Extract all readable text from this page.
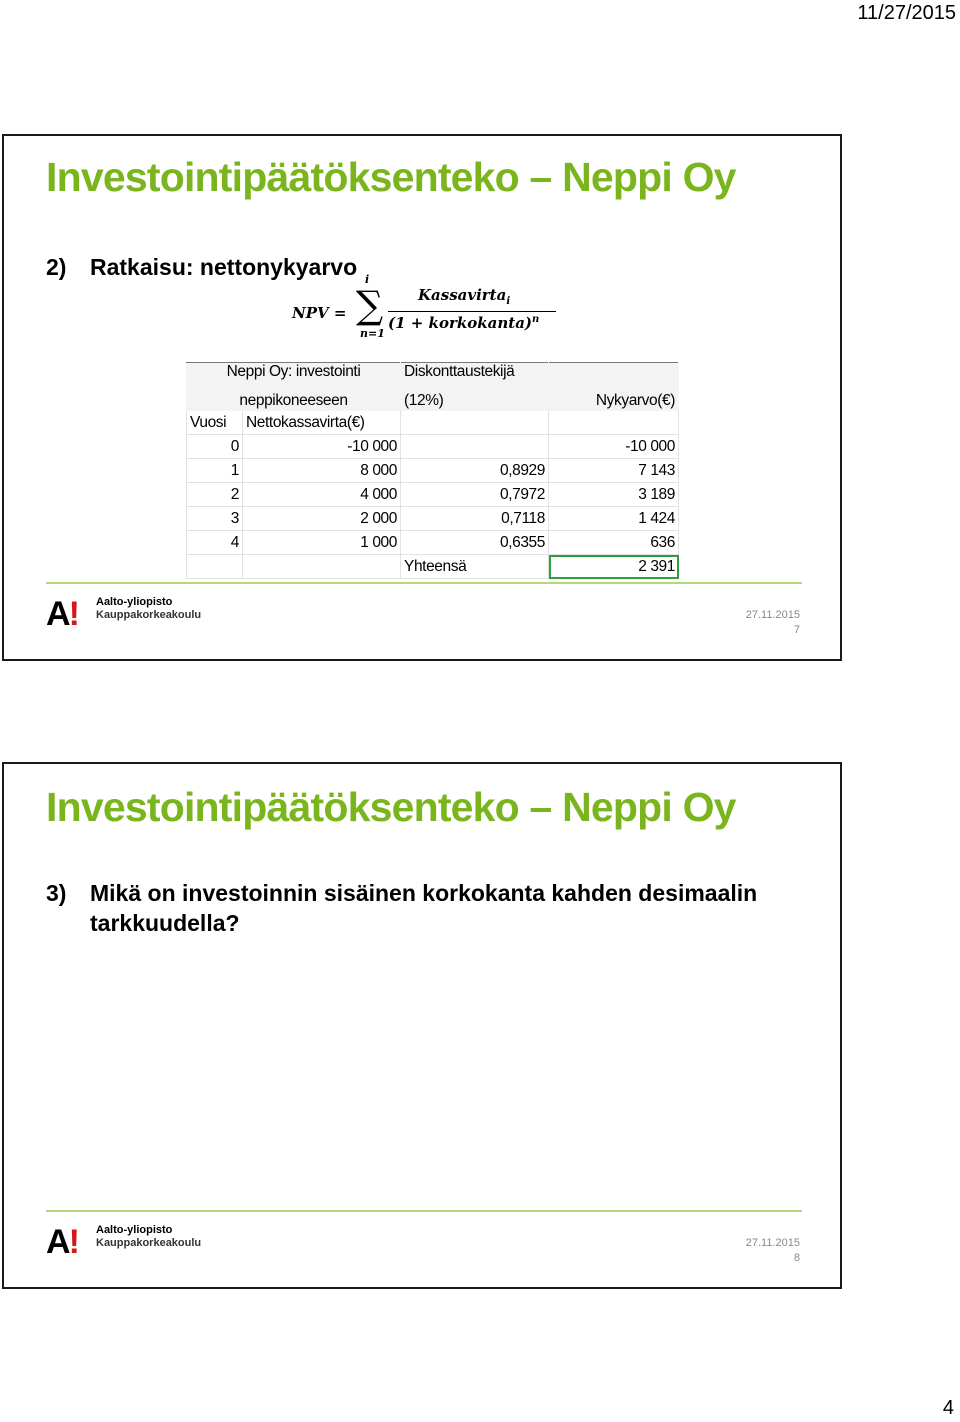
11/27/2015
Investointipäätöksenteko – Neppi Oy
2)	Ratkaisu: nettonykyarvo
NPV =
i
∑
n=1
Kassavirta$_i$
(1 + korkokanta)$^n$
Neppi Oy: investointi		Diskonttaustekijä	
neppikoneeseen		(12%)	Nykyarvo(€)
Vuosi	Nettokassavirta(€)		
0	-10 000		-10 000
1	8 000	0,8929	7 143
2	4 000	0,7972	3 189
3	2 000	0,7118	1 424
4	1 000	0,6355	636
		Yhteensä	2 391
A! Aalto-yliopisto
Kauppakorkeakoulu	27.11.2015
7
Investointipäätöksenteko – Neppi Oy
3)	Mikä on investoinnin sisäinen korkokanta kahden desimaalin tarkkuudella?
A! Aalto-yliopisto
Kauppakorkeakoulu	27.11.2015
8
4
